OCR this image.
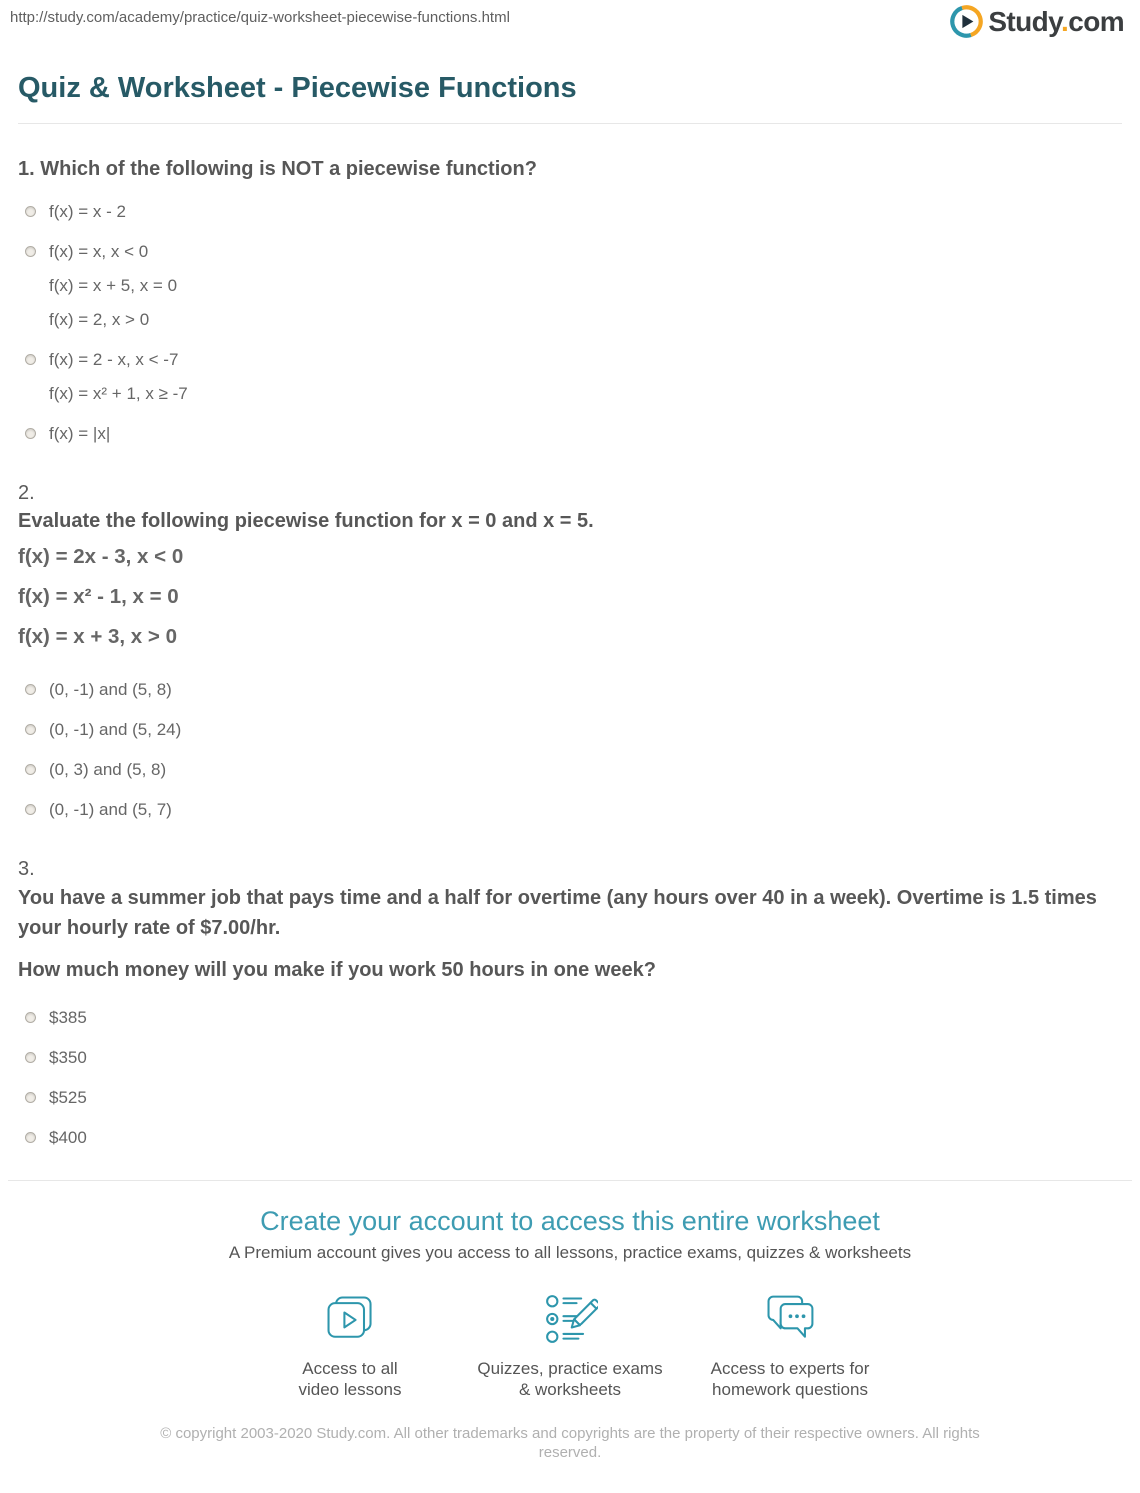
http://study.com/academy/practice/quiz-worksheet-piecewise-functions.html	Study.com
Quiz & Worksheet - Piecewise Functions
1. Which of the following is NOT a piecewise function?
f(x) = x - 2
f(x) = x, x < 0
f(x) = x + 5, x = 0
f(x) = 2, x > 0
f(x) = 2 - x, x < -7
f(x) = x² + 1, x ≥ -7
f(x) = |x|
2.
Evaluate the following piecewise function for x = 0 and x = 5.
f(x) = 2x - 3, x < 0
f(x) = x² - 1, x = 0
f(x) = x + 3, x > 0
(0, -1) and (5, 8)
(0, -1) and (5, 24)
(0, 3) and (5, 8)
(0, -1) and (5, 7)
3.
You have a summer job that pays time and a half for overtime (any hours over 40 in a week). Overtime is 1.5 times your hourly rate of $7.00/hr.
How much money will you make if you work 50 hours in one week?
$385
$350
$525
$400
Create your account to access this entire worksheet
A Premium account gives you access to all lessons, practice exams, quizzes & worksheets
Access to all
video lessons
Quizzes, practice exams
& worksheets
Access to experts for
homework questions
© copyright 2003-2020 Study.com. All other trademarks and copyrights are the property of their respective owners. All rights reserved.
